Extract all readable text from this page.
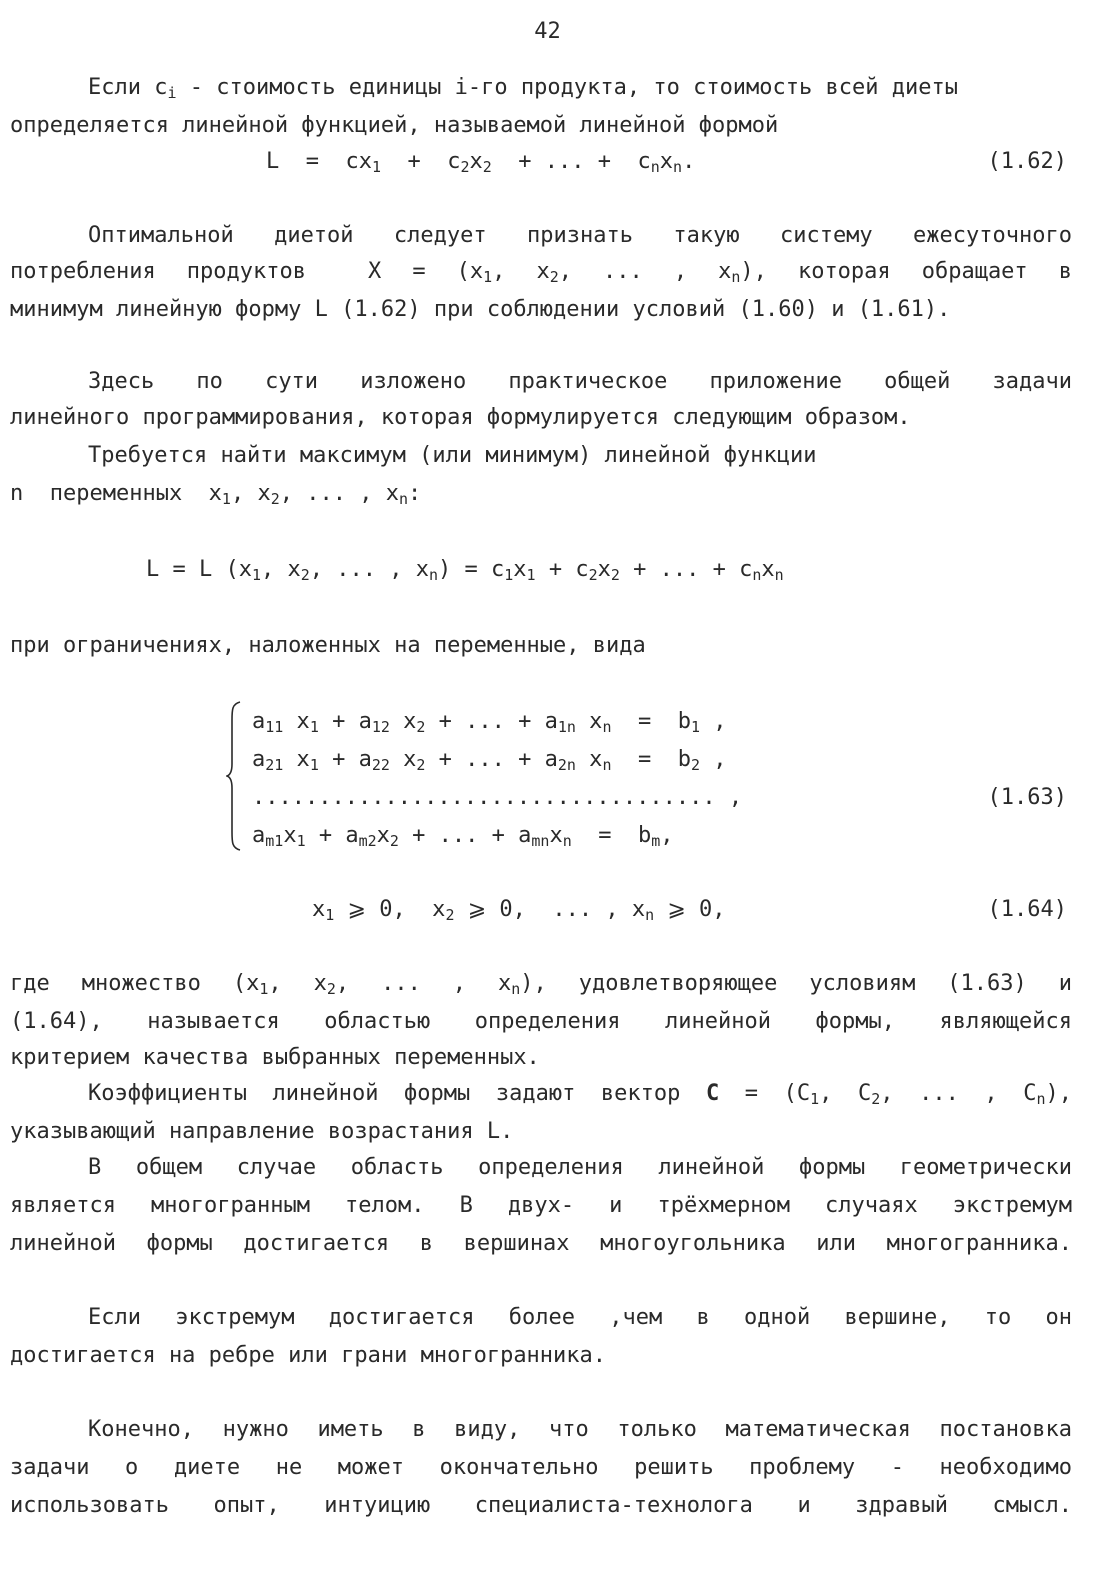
42
Если $c_i$ - стоимость единицы i-го продукта, то стоимость всей диеты
определяется линейной функцией, называемой линейной формой
$L = cx_1 + c_2x_2$  + ... +  $c_nx_n$.	(1.62)
Оптимальной диетой следует признать такую систему ежесуточного
потребления продуктов  $X = (x_1$, $x_2$, ... , $x_n$), которая обращает в
минимум линейную форму L (1.62) при соблюдении условий (1.60) и (1.61).
Здесь по сути изложено практическое приложение общей задачи
линейного программирования, которая формулируется следующим образом.
Требуется найти максимум (или минимум) линейной функции
n  переменных  $x_1$, $x_2$, ... , $x_n$:
L = L ($x_1$, $x_2$, ... , $x_n) = c_1x_1 + c_2x_2$ + ... + $c_nx_n$
при ограничениях, наложенных на переменные, вида
$a_{11}$ $x_1 + a_{12}$ $x_2$ + ... + $a_{1n}$ $x_n = b_1$ ,
$a_{21}$ $x_1 + a_{22}$ $x_2$ + ... + $a_{2n}$ $x_n = b_2$ ,
................................... ,	(1.63)
$a_{m1}x_1 + a_{m2}x_2$ + ... + $a_{mn}x_n = b_m$,
$x_1$ ⩾ 0,  $x_2$ ⩾ 0,  ... , $x_n$ ⩾ 0,	(1.64)
где множество ($x_1$, $x_2$, ... , $x_n$), удовлетворяющее условиям (1.63) и
(1.64), называется областью определения линейной формы, являющейся
критерием качества выбранных переменных.
Коэффициенты линейной формы задают вектор $C = (C_1$, $C_2$, ... , $C_n$),
указывающий направление возрастания L.
В общем случае область определения линейной формы геометрически
является многогранным телом. В двух- и трёхмерном случаях экстремум
линейной формы достигается в вершинах многоугольника или многогранника.
Если экстремум достигается более ,чем в одной вершине, то он
достигается на ребре или грани многогранника.
Конечно, нужно иметь в виду, что только математическая постановка
задачи о диете не может окончательно решить проблему - необходимо
использовать опыт, интуицию специалиста-технолога и здравый смысл.
